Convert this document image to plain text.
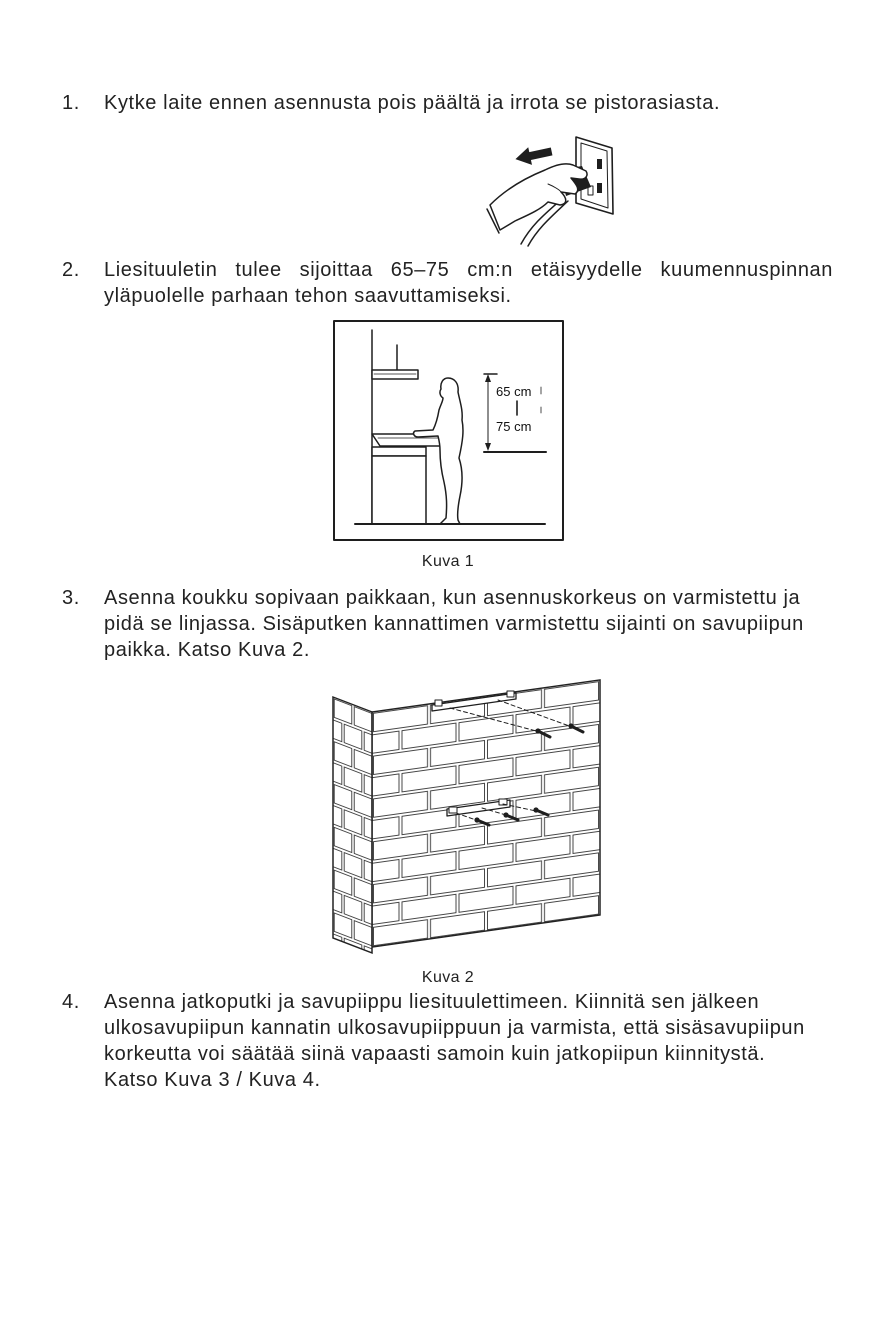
1. Kytke laite ennen asennusta pois päältä ja irrota se pistorasiasta.
2. Liesituuletin tulee sijoittaa 65–75 cm:n etäisyydelle kuumennuspinnan
yläpuolelle parhaan tehon saavuttamiseksi.
65 cm
75 cm
Kuva 1
3. Asenna koukku sopivaan paikkaan, kun asennuskorkeus on varmistettu ja
pidä se linjassa. Sisäputken kannattimen varmistettu sijainti on savupiipun
paikka. Katso Kuva 2.
Kuva 2
4. Asenna jatkoputki ja savupiippu liesituulettimeen. Kiinnitä sen jälkeen
ulkosavupiipun kannatin ulkosavupiippuun ja varmista, että sisäsavupiipun
korkeutta voi säätää siinä vapaasti samoin kuin jatkopiipun kiinnitystä.
Katso Kuva 3 / Kuva 4.
